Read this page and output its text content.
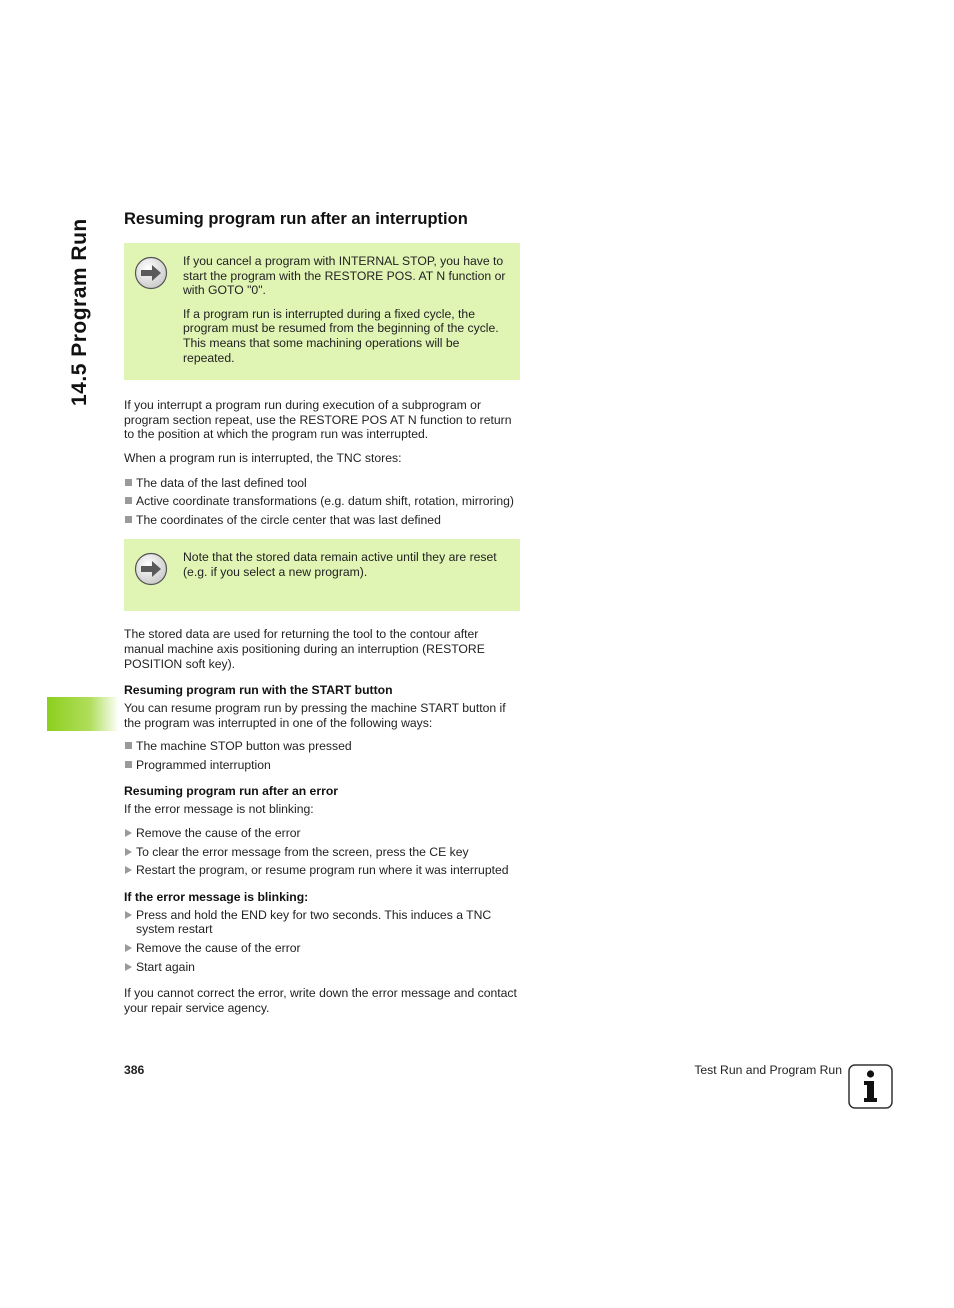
14.5 Program Run Resuming program run after an interruption

If you cancel a program with INTERNAL STOP, you have to start the program with the RESTORE POS. AT N function or with GOTO "0".

If a program run is interrupted during a fixed cycle, the program must be resumed from the beginning of the cycle. This means that some machining operations will be repeated.

If you interrupt a program run during execution of a subprogram or program section repeat, use the RESTORE POS AT N function to return to the position at which the program run was interrupted.

When a program run is interrupted, the TNC stores:

The data of the last defined tool
Active coordinate transformations (e.g. datum shift, rotation, mirroring)
The coordinates of the circle center that was last defined

Note that the stored data remain active until they are reset (e.g. if you select a new program).

The stored data are used for returning the tool to the contour after manual machine axis positioning during an interruption (RESTORE POSITION soft key).

Resuming program run with the START button

You can resume program run by pressing the machine START button if the program was interrupted in one of the following ways:

The machine STOP button was pressed
Programmed interruption
Resuming program run after an error

If the error message is not blinking:

Remove the cause of the error
To clear the error message from the screen, press the CE key
Restart the program, or resume program run where it was interrupted
If the error message is blinking:
Press and hold the END key for two seconds. This induces a TNC system restart
Remove the cause of the error
Start again

If you cannot correct the error, write down the error message and contact your repair service agency.

386	Test Run and Program Run
